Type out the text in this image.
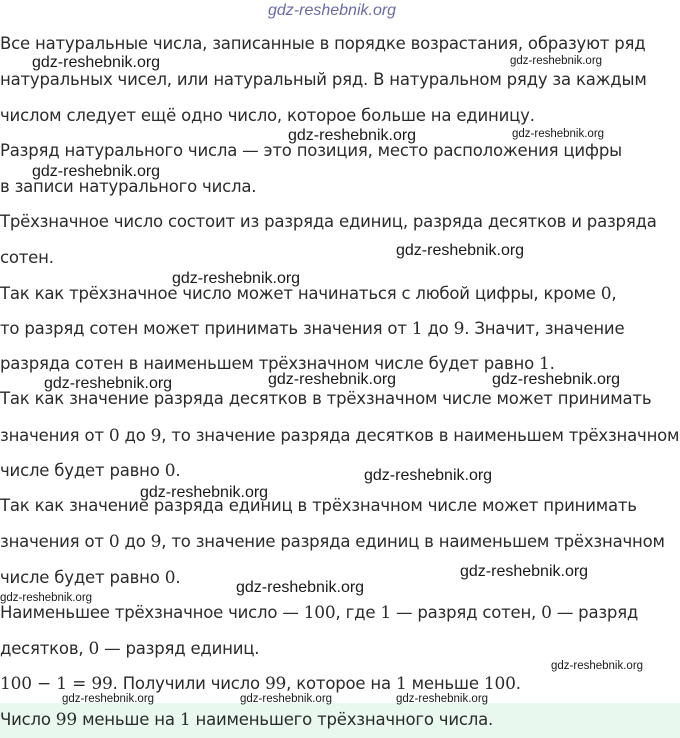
Все натуральные числа, записанные в порядке возрастания, образуют ряд
натуральных чисел, или натуральный ряд. В натуральном ряду за каждым
числом следует ещё одно число, которое больше на единицу.
Разряд натурального числа — это позиция, место расположения цифры
в записи натурального числа.
Трёхзначное число состоит из разряда единиц, разряда десятков и разряда
сотен.
Так как трёхзначное число может начинаться с любой цифры, кроме 0,
то разряд сотен может принимать значения от 1 до 9. Значит, значение
разряда сотен в наименьшем трёхзначном числе будет равно 1.
Так как значение разряда десятков в трёхзначном числе может принимать
значения от 0 до 9, то значение разряда десятков в наименьшем трёхзначном
числе будет равно 0.
Так как значение разряда единиц в трёхзначном числе может принимать
значения от 0 до 9, то значение разряда единиц в наименьшем трёхзначном
числе будет равно 0.
Наименьшее трёхзначное число — 100, где 1 — разряд сотен, 0 — разряд
десятков, 0 — разряд единиц.
100 − 1 = 99. Получили число 99, которое на 1 меньше 100.
Число 99 меньше на 1 наименьшего трёхзначного числа.
gdz-reshebnik.org
gdz-reshebnik.org	gdz-reshebnik.org
gdz-reshebnik.org	gdz-reshebnik.org
gdz-reshebnik.org
gdz-reshebnik.org
gdz-reshebnik.org
gdz-reshebnik.org	gdz-reshebnik.org	gdz-reshebnik.org
gdz-reshebnik.org
gdz-reshebnik.org
gdz-reshebnik.org
gdz-reshebnik.org
gdz-reshebnik.org
gdz-reshebnik.org
gdz-reshebnik.org	gdz-reshebnik.org	gdz-reshebnik.org
